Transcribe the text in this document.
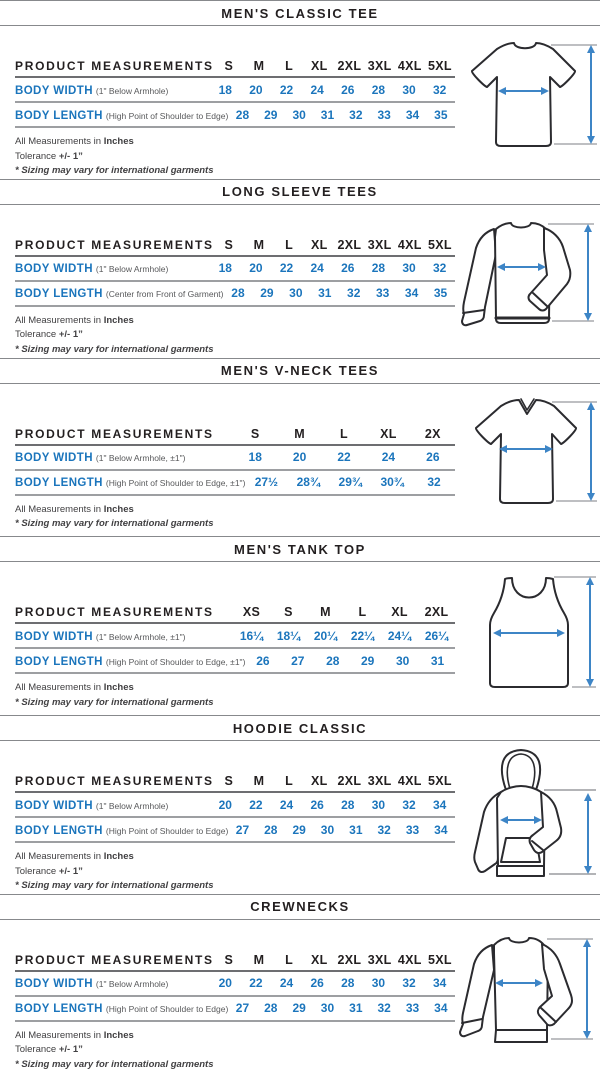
MEN'S CLASSIC TEE
PRODUCT MEASUREMENTS S	M	L	XL 2XL 3XL 4XL 5XL
BODY WIDTH (1" Below Armhole)	18	20	22	24	26	28	30	32
BODY LENGTH (High Point of Shoulder to Edge) 28	29	30	31	32	33	34	35
All Measurements in Inches
Tolerance +/- 1”
* Sizing may vary for international garments
LONG SLEEVE TEES
PRODUCT MEASUREMENTS S	M	L	XL 2XL 3XL 4XL 5XL
BODY WIDTH (1" Below Armhole)	18	20	22	24	26	28	30	32
BODY LENGTH (Center from Front of Garment) 28	29	30	31	32	33	34	35
All Measurements in Inches
Tolerance +/- 1”
* Sizing may vary for international garments
MEN'S V-NECK TEES
PRODUCT MEASUREMENTS	S	M	L	XL	2X
BODY WIDTH (1" Below Armhole, ±1")	18	20	22	24	26
BODY LENGTH (High Point of Shoulder to Edge, ±1") 27½	28¾	29¾	30¾	32
All Measurements in Inches
* Sizing may vary for international garments
MEN'S TANK TOP
PRODUCT MEASUREMENTS	XS	S	M	L	XL	2XL
BODY WIDTH (1" Below Armhole, ±1")	16¼	18¼	20¼	22¼	24¼	26¼
BODY LENGTH (High Point of Shoulder to Edge, ±1") 26	27	28	29	30	31
All Measurements in Inches
* Sizing may vary for international garments
HOODIE CLASSIC
PRODUCT MEASUREMENTS S	M	L	XL 2XL 3XL 4XL 5XL
BODY WIDTH (1" Below Armhole)	20	22	24	26	28	30	32	34
BODY LENGTH (High Point of Shoulder to Edge) 27	28	29	30	31	32	33	34
All Measurements in Inches
Tolerance +/- 1”
* Sizing may vary for international garments
CREWNECKS
PRODUCT MEASUREMENTS S	M	L	XL 2XL 3XL 4XL 5XL
BODY WIDTH (1" Below Armhole)	20	22	24	26	28	30	32	34
BODY LENGTH (High Point of Shoulder to Edge) 27	28	29	30	31	32	33	34
All Measurements in Inches
Tolerance +/- 1”
* Sizing may vary for international garments
